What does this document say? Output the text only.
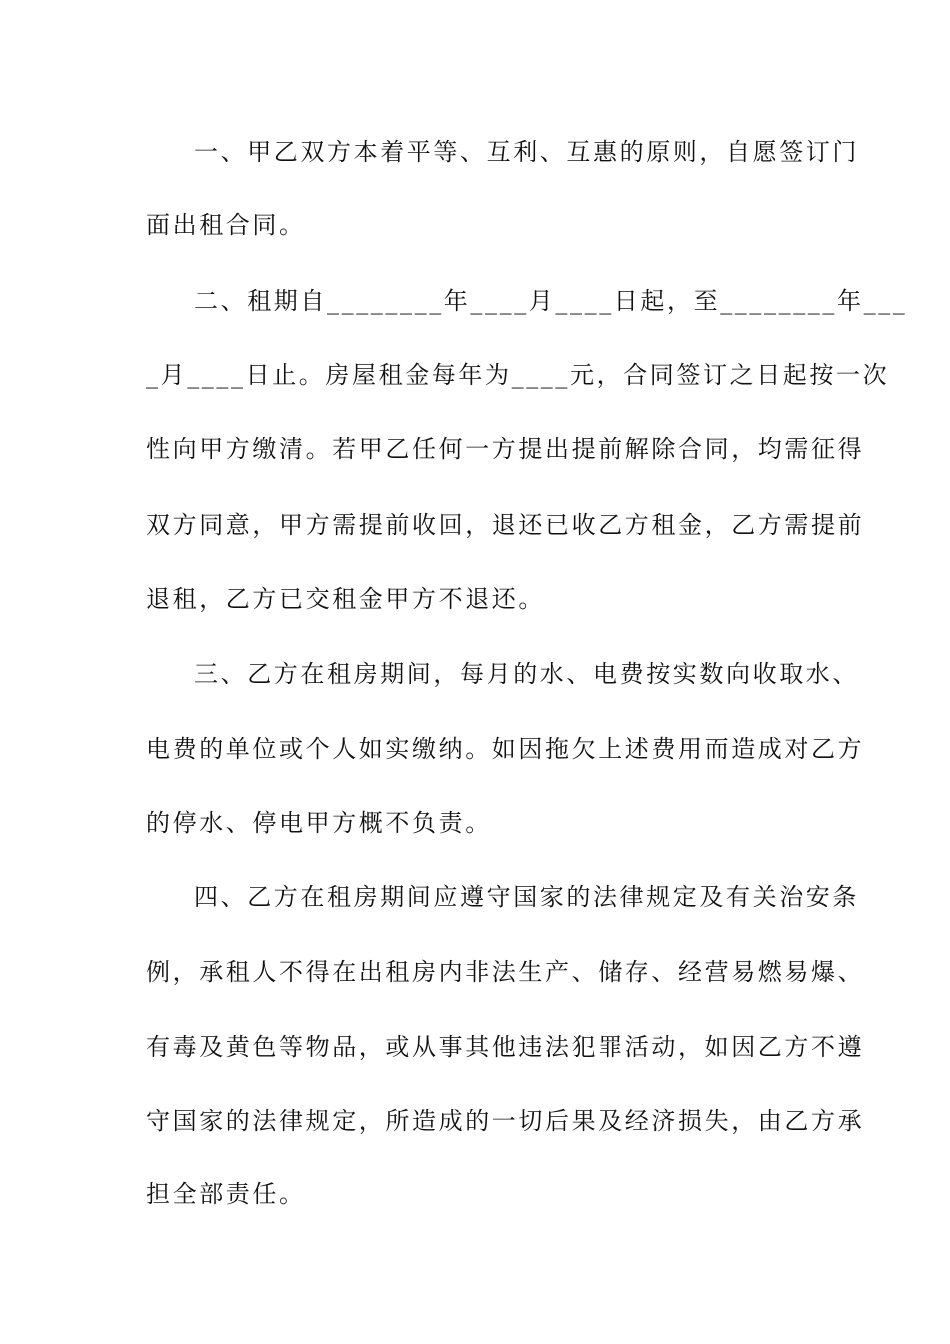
一、甲乙双方本着平等、互利、互惠的原则，自愿签订门
面出租合同。
二、租期自________年____月____日起，至________年___
_月____日止。房屋租金每年为____元，合同签订之日起按一次
性向甲方缴清。若甲乙任何一方提出提前解除合同，均需征得
双方同意，甲方需提前收回，退还已收乙方租金，乙方需提前
退租，乙方已交租金甲方不退还。
三、乙方在租房期间，每月的水、电费按实数向收取水、
电费的单位或个人如实缴纳。如因拖欠上述费用而造成对乙方
的停水、停电甲方概不负责。
四、乙方在租房期间应遵守国家的法律规定及有关治安条
例，承租人不得在出租房内非法生产、储存、经营易燃易爆、
有毒及黄色等物品，或从事其他违法犯罪活动，如因乙方不遵
守国家的法律规定，所造成的一切后果及经济损失，由乙方承
担全部责任。
